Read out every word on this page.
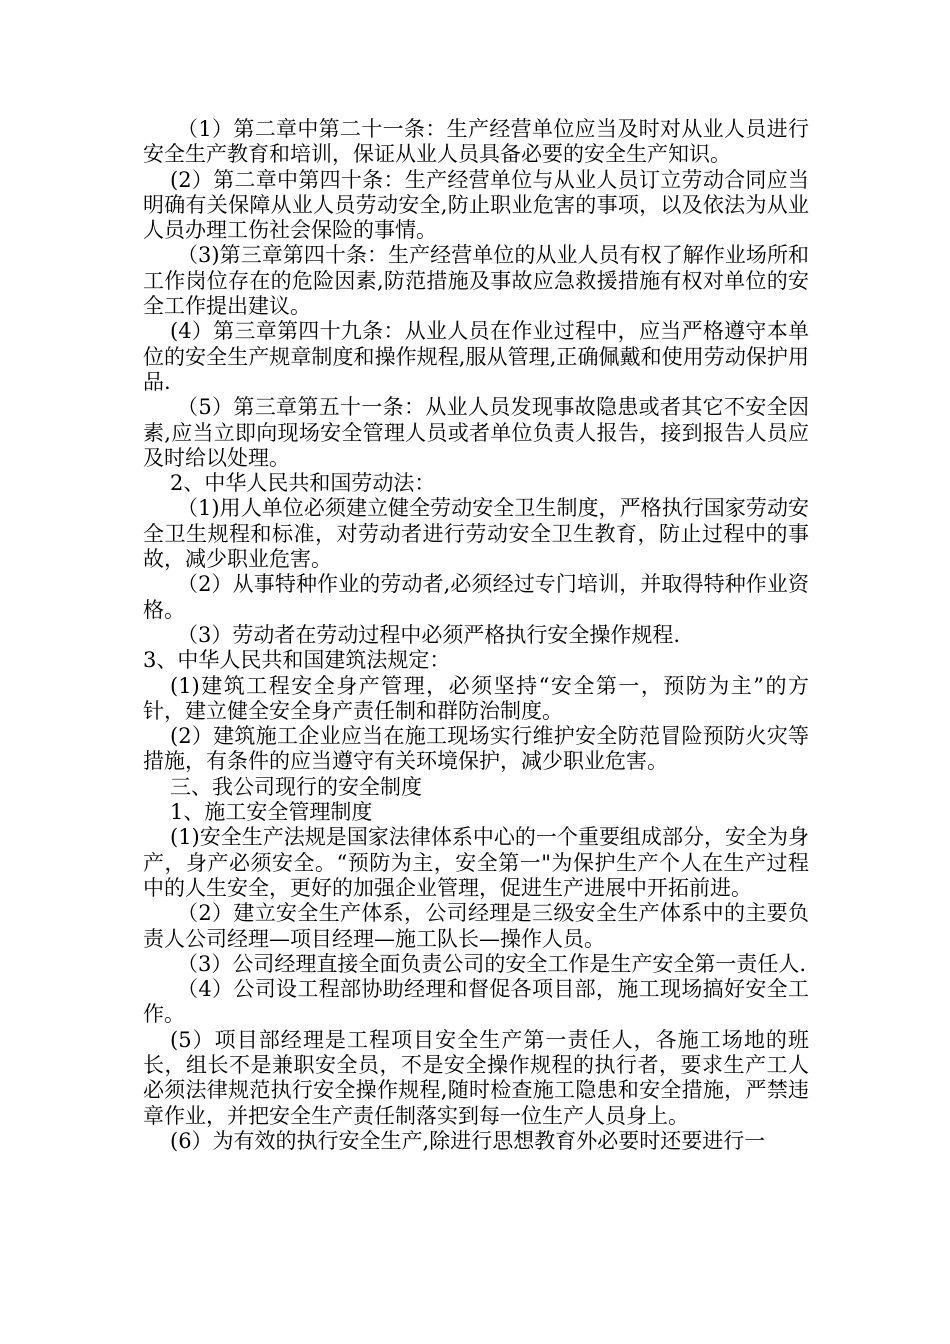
（1）第二章中第二十一条：生产经营单位应当及时对从业人员进行安全生产教育和培训，保证从业人员具备必要的安全生产知识。

(2）第二章中第四十条：生产经营单位与从业人员订立劳动合同应当明确有关保障从业人员劳动安全,防止职业危害的事项，以及依法为从业人员办理工伤社会保险的事情。

（3)第三章第四十条：生产经营单位的从业人员有权了解作业场所和工作岗位存在的危险因素,防范措施及事故应急救援措施有权对单位的安全工作提出建议。

(4）第三章第四十九条：从业人员在作业过程中，应当严格遵守本单位的安全生产规章制度和操作规程,服从管理,正确佩戴和使用劳动保护用品.

（5）第三章第五十一条：从业人员发现事故隐患或者其它不安全因素,应当立即向现场安全管理人员或者单位负责人报告，接到报告人员应及时给以处理。

2、中华人民共和国劳动法：

（1)用人单位必须建立健全劳动安全卫生制度，严格执行国家劳动安全卫生规程和标准，对劳动者进行劳动安全卫生教育，防止过程中的事故，减少职业危害。

（2）从事特种作业的劳动者,必须经过专门培训，并取得特种作业资格。

（3）劳动者在劳动过程中必须严格执行安全操作规程.

3、中华人民共和国建筑法规定：

(1)建筑工程安全身产管理，必须坚持“安全第一，预防为主”的方针，建立健全安全身产责任制和群防治制度。

(2）建筑施工企业应当在施工现场实行维护安全防范冒险预防火灾等措施，有条件的应当遵守有关环境保护，减少职业危害。

三、我公司现行的安全制度

1、施工安全管理制度

(1)安全生产法规是国家法律体系中心的一个重要组成部分，安全为身产，身产必须安全。“预防为主，安全第一"为保护生产个人在生产过程中的人生安全，更好的加强企业管理，促进生产进展中开拓前进。

（2）建立安全生产体系，公司经理是三级安全生产体系中的主要负责人公司经理—项目经理—施工队长—操作人员。

（3）公司经理直接全面负责公司的安全工作是生产安全第一责任人.

（4）公司设工程部协助经理和督促各项目部，施工现场搞好安全工作。

(5）项目部经理是工程项目安全生产第一责任人，各施工场地的班长，组长不是兼职安全员，不是安全操作规程的执行者，要求生产工人必须法律规范执行安全操作规程,随时检查施工隐患和安全措施，严禁违章作业，并把安全生产责任制落实到每一位生产人员身上。

(6）为有效的执行安全生产,除进行思想教育外必要时还要进行一
